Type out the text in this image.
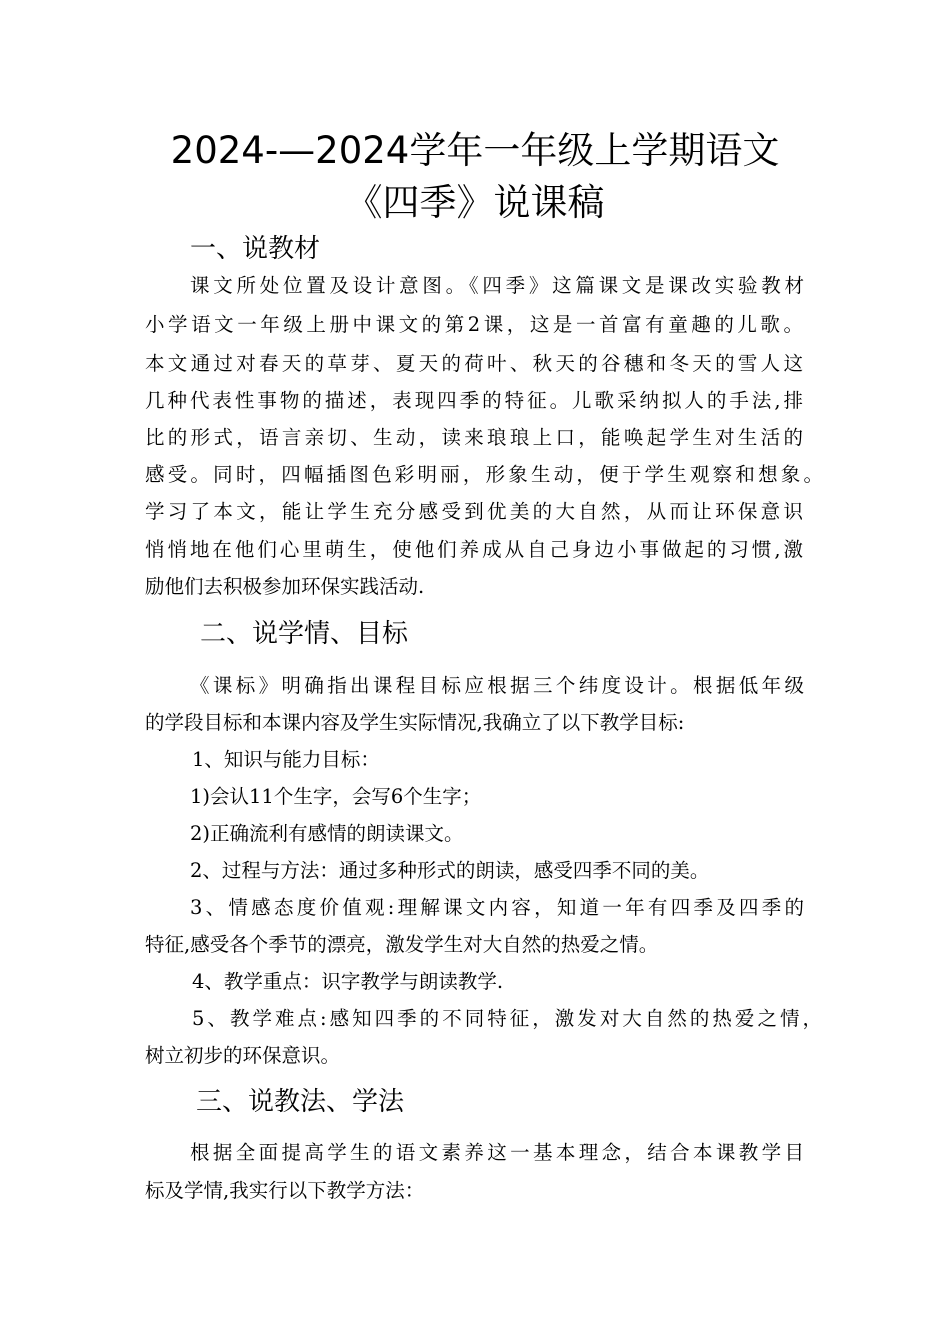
2024-—2024学年一年级上学期语文
《四季》说课稿
一、说教材
课文所处位置及设计意图。《四季》这篇课文是课改实验教材
小学语文一年级上册中课文的第2课，这是一首富有童趣的儿歌。
本文通过对春天的草芽、夏天的荷叶、秋天的谷穗和冬天的雪人这
几种代表性事物的描述，表现四季的特征。儿歌采纳拟人的手法,排
比的形式，语言亲切、生动，读来琅琅上口，能唤起学生对生活的
感受。同时，四幅插图色彩明丽，形象生动，便于学生观察和想象。
学习了本文，能让学生充分感受到优美的大自然，从而让环保意识
悄悄地在他们心里萌生，使他们养成从自己身边小事做起的习惯,激
励他们去积极参加环保实践活动.
二、说学情、目标
《课标》明确指出课程目标应根据三个纬度设计。根据低年级
的学段目标和本课内容及学生实际情况,我确立了以下教学目标:
1、知识与能力目标：
1)会认11个生字，会写6个生字；
2)正确流利有感情的朗读课文。
2、过程与方法：通过多种形式的朗读，感受四季不同的美。
3、情感态度价值观:理解课文内容，知道一年有四季及四季的
特征,感受各个季节的漂亮，激发学生对大自然的热爱之情。
4、教学重点：识字教学与朗读教学.
5、教学难点:感知四季的不同特征，激发对大自然的热爱之情，
树立初步的环保意识。
三、说教法、学法
根据全面提高学生的语文素养这一基本理念，结合本课教学目
标及学情,我实行以下教学方法：
